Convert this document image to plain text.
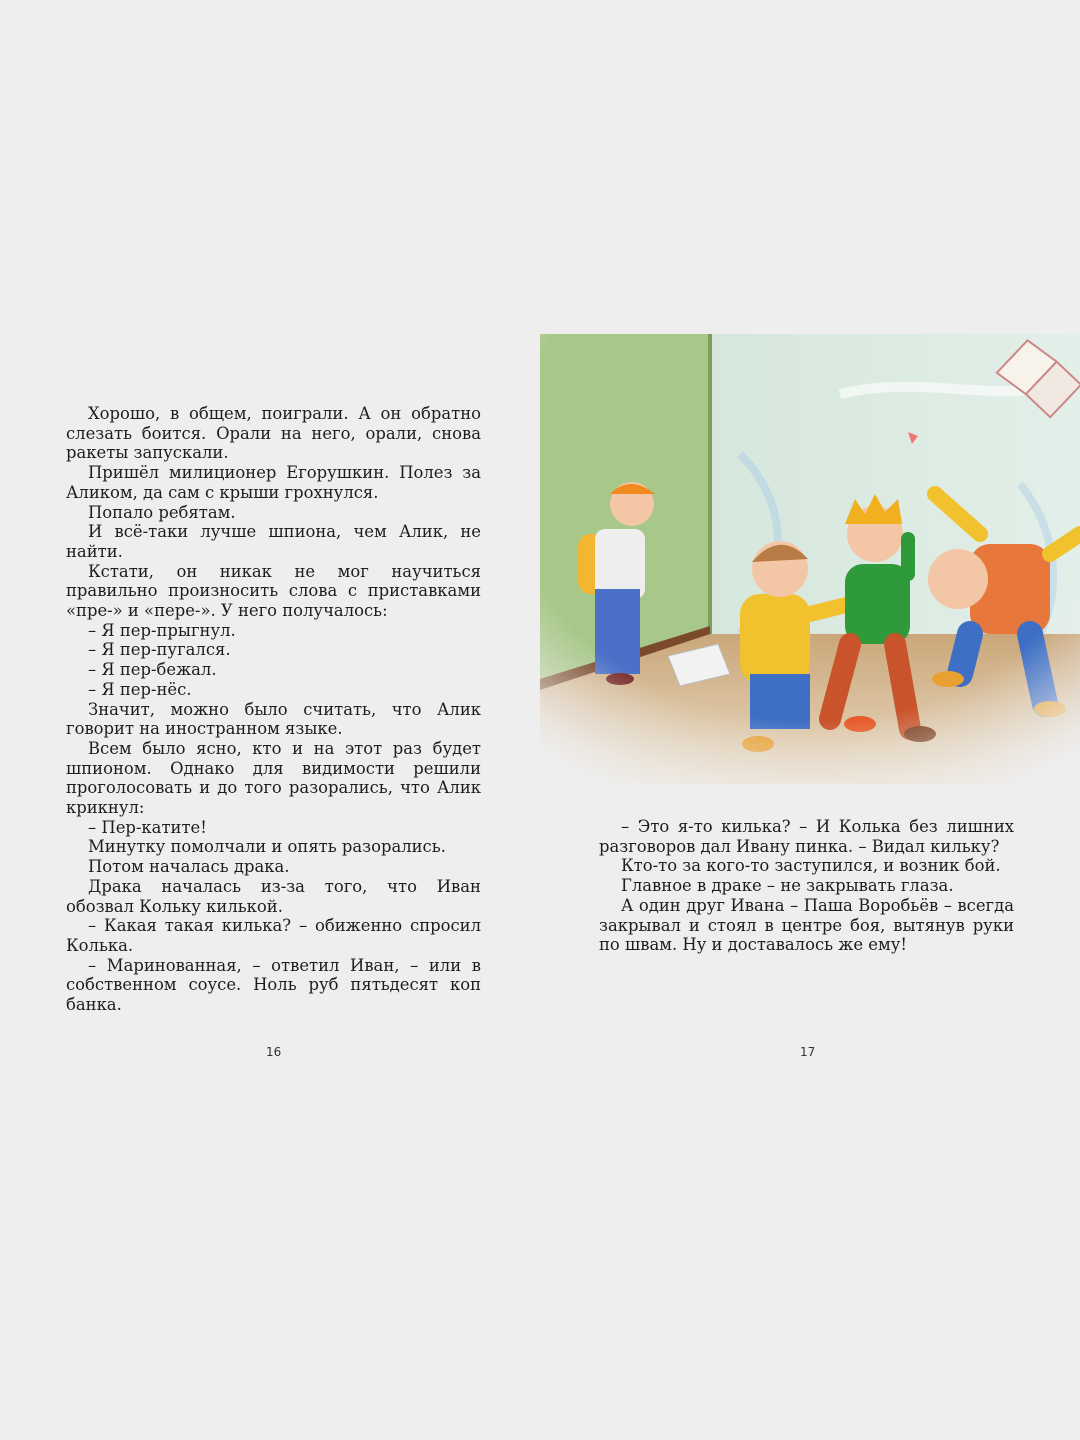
Хорошо, в общем, поиграли. А он обратно слезать боится. Орали на него, орали, снова ракеты запускали.

Пришёл милиционер Егорушкин. Полез за Аликом, да сам с крыши грохнулся.

Попало ребятам.

И всё-таки лучше шпиона, чем Алик, не найти.

Кстати, он никак не мог научиться правильно произносить слова с приставками «пре-» и «пере-». У него получалось:

– Я пер-прыгнул.

– Я пер-пугался.

– Я пер-бежал.

– Я пер-нёс.

Значит, можно было считать, что Алик говорит на иностранном языке.

Всем было ясно, кто и на этот раз будет шпионом. Однако для видимости решили проголосовать и до того разорались, что Алик крикнул:

– Пер-катите!

Минутку помолчали и опять разорались.

Потом началась драка.

Драка началась из-за того, что Иван обозвал Кольку килькой.

– Какая такая килька? – обиженно спросил Колька.

– Маринованная, – ответил Иван, – или в собственном соусе. Ноль руб пятьдесят коп банка.

– Это я-то килька? – И Колька без лишних разговоров дал Ивану пинка. – Видал кильку?

Кто-то за кого-то заступился, и возник бой.

Главное в драке – не закрывать глаза.

А один друг Ивана – Паша Воробьёв – всегда закрывал и стоял в центре боя, вытянув руки по швам. Ну и доставалось же ему!

16	17
